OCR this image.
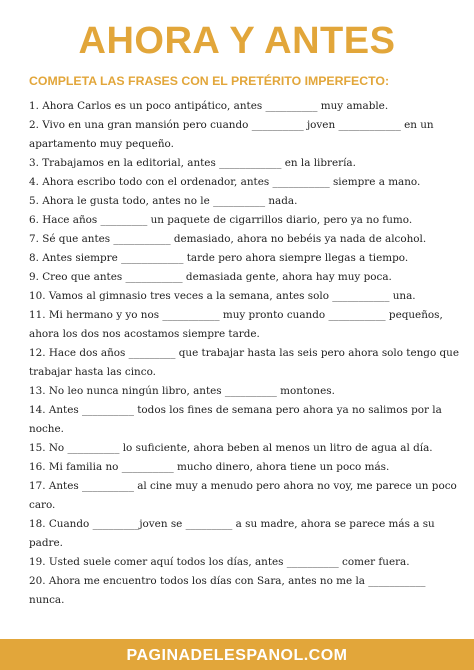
AHORA Y ANTES
COMPLETA LAS FRASES CON EL PRETÉRITO IMPERFECTO:
1. Ahora Carlos es un poco antipático, antes __________ muy amable.
2. Vivo en una gran mansión pero cuando __________ joven ____________ en un apartamento muy pequeño.
3. Trabajamos en la editorial, antes ____________ en la librería.
4. Ahora escribo todo con el ordenador, antes ___________ siempre a mano.
5. Ahora le gusta todo, antes no le __________ nada.
6. Hace años _________ un paquete de cigarrillos diario, pero ya no fumo.
7. Sé que antes ___________ demasiado, ahora no bebéis ya nada de alcohol.
8. Antes siempre ____________ tarde pero ahora siempre llegas a tiempo.
9. Creo que antes ___________ demasiada gente, ahora hay muy poca.
10. Vamos al gimnasio tres veces a la semana, antes solo ___________ una.
11. Mi hermano y yo nos ___________ muy pronto cuando ___________ pequeños, ahora los dos nos acostamos siempre tarde.
12. Hace dos años _________ que trabajar hasta las seis pero ahora solo tengo que trabajar hasta las cinco.
13. No leo nunca ningún libro, antes __________ montones.
14. Antes __________ todos los fines de semana pero ahora ya no salimos por la noche.
15. No __________ lo suficiente, ahora beben al menos un litro de agua al día.
16. Mi familia no __________ mucho dinero, ahora tiene un poco más.
17. Antes __________ al cine muy a menudo pero ahora no voy, me parece un poco caro.
18. Cuando _________joven se _________ a su madre, ahora se parece más a su padre.
19. Usted suele comer aquí todos los días, antes __________ comer fuera.
20. Ahora me encuentro todos los días con Sara, antes no me la ___________ nunca.
PAGINADELESPANOL.COM
